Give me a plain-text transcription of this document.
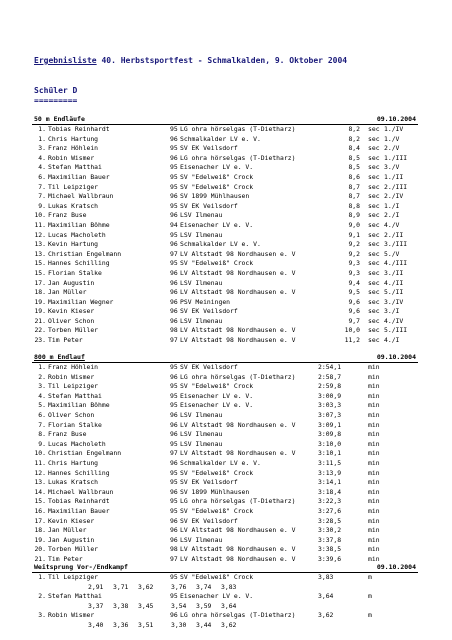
Ergebnisliste 40. Herbstsportfest - Schmalkalden, 9. Oktober 2004
Schüler D
=========
50 m Endläufe	09.10.2004
1. Tobias Reinhardt	95 LG ohra hörselgas (T-Dietharz)	8,2 sec 1./IV
1. Chris Hartung	96 Schmalkalder LV e. V.	8,2 sec 1./V
3. Franz Höhlein	95 SV EK Veilsdorf	8,4 sec 2./V
4. Robin Wismer	96 LG ohra hörselgas (T-Dietharz)	8,5 sec 1./III
4. Stefan Matthai	95 Eisenacher LV e. V.	8,5 sec 3./V
6. Maximilian Bauer	95 SV "Edelweiß" Crock	8,6 sec 1./II
7. Til Leipziger	95 SV "Edelweiß" Crock	8,7 sec 2./III
7. Michael Wallbraun	96 SV 1899 Mühlhausen	8,7 sec 2./IV
9. Lukas Kratsch	95 SV EK Veilsdorf	8,8 sec 1./I
10. Franz Buse	96 LSV Ilmenau	8,9 sec 2./I
11. Maximilian Böhme	94 Eisenacher LV e. V.	9,0 sec 4./V
12. Lucas Macholeth	95 LSV Ilmenau	9,1 sec 2./II
13. Kevin Hartung	96 Schmalkalder LV e. V.	9,2 sec 3./III
13. Christian Engelmann	97 LV Altstadt 98 Nordhausen e. V	9,2 sec 5./V
15. Hannes Schilling	95 SV "Edelweiß" Crock	9,3 sec 4./III
15. Florian Stalke	96 LV Altstadt 98 Nordhausen e. V	9,3 sec 3./II
17. Jan Augustin	96 LSV Ilmenau	9,4 sec 4./II
18. Jan Müller	96 LV Altstadt 98 Nordhausen e. V	9,5 sec 5./II
19. Maximilian Wegner	96 PSV Meiningen	9,6 sec 3./IV
19. Kevin Kieser	96 SV EK Veilsdorf	9,6 sec 3./I
21. Oliver Schon	96 LSV Ilmenau	9,7 sec 4./IV
22. Torben Müller	98 LV Altstadt 98 Nordhausen e. V	10,0 sec 5./III
23. Tim Peter	97 LV Altstadt 98 Nordhausen e. V	11,2 sec 4./I
800 m Endlauf	09.10.2004
1. Franz Höhlein	95 SV EK Veilsdorf	2:54,1	min
2. Robin Wismer	96 LG ohra hörselgas (T-Dietharz)	2:58,7	min
3. Til Leipziger	95 SV "Edelweiß" Crock	2:59,8	min
4. Stefan Matthai	95 Eisenacher LV e. V.	3:00,9	min
5. Maximilian Böhme	95 Eisenacher LV e. V.	3:03,3	min
6. Oliver Schon	96 LSV Ilmenau	3:07,3	min
7. Florian Stalke	96 LV Altstadt 98 Nordhausen e. V	3:09,1	min
8. Franz Buse	96 LSV Ilmenau	3:09,8	min
9. Lucas Macholeth	95 LSV Ilmenau	3:10,0	min
10. Christian Engelmann	97 LV Altstadt 98 Nordhausen e. V	3:10,1	min
11. Chris Hartung	96 Schmalkalder LV e. V.	3:11,5	min
12. Hannes Schilling	95 SV "Edelweiß" Crock	3:13,9	min
13. Lukas Kratsch	95 SV EK Veilsdorf	3:14,1	min
14. Michael Wallbraun	96 SV 1899 Mühlhausen	3:18,4	min
15. Tobias Reinhardt	95 LG ohra hörselgas (T-Dietharz)	3:22,3	min
16. Maximilian Bauer	95 SV "Edelweiß" Crock	3:27,6	min
17. Kevin Kieser	96 SV EK Veilsdorf	3:28,5	min
18. Jan Müller	96 LV Altstadt 98 Nordhausen e. V	3:30,2	min
19. Jan Augustin	96 LSV Ilmenau	3:37,8	min
20. Torben Müller	98 LV Altstadt 98 Nordhausen e. V	3:38,5	min
21. Tim Peter	97 LV Altstadt 98 Nordhausen e. V	3:39,6	min
Weitsprung Vor-/Endkampf	09.10.2004
1. Til Leipziger	95 SV "Edelweiß" Crock	3,83	m
2,91 3,71 3,62	3,76 3,74 3,83
2. Stefan Matthai	95 Eisenacher LV e. V.	3,64	m
3,37 3,38 3,45	3,54 3,59 3,64
3. Robin Wismer	96 LG ohra hörselgas (T-Dietharz)	3,62	m
3,40 3,36 3,51	3,30 3,44 3,62
